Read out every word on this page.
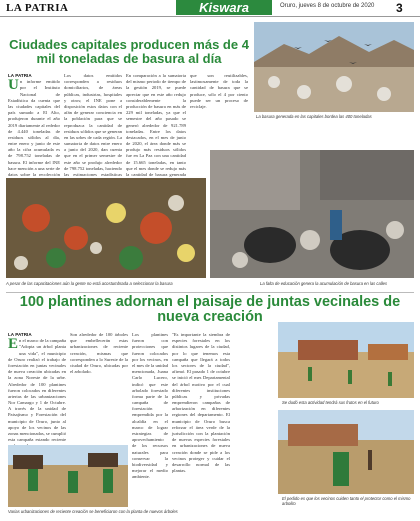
LA PATRIA	Kiswara	Oruro, jueves 8 de octubre de 2020 3
Ciudades capitales producen más de 4 mil toneladas de basura al día
LA PATRIA
U n informe emitido por el Instituto Nacional de Estadística da cuenta que las ciudades capitales del país sumado a El Alto, produjeron durante el año 2019 diariamente al rededor de 4.440 toneladas de residuos sólidos al día, entre enero y junio de este año la cifra acumulada es de 798.752 toneladas de basura. El informe del INE hace mención a una serie de datos sobre la recolección
Los datos emitidos corresponden a residuos domiciliarios, de áreas públicas, industrias, hospitales y otros; el INE pone a disposición estos datos con el afán de generar conciencia en la población para que se reproduzca la cantidad de residuos sólidos que se generan en las urbes de cada región. La sumatoria de datos entre enero a junio del 2020, dan cuenta que en el primer semestre de este año se produjo alrededor de 798.752 toneladas, haciendo las estimaciones estadísticas
En comparación a la sumatoria del mismo periodo de tiempo de la gestión 2019, se puede apreciar que en este año redujo considerablemente la producción de basura en más de 229 mil toneladas, ya que el semestre del año pasado se generó alrededor de 921.789 toneladas. Entre los datos destacados, en el mes de junio de 2020, el área donde más se produjo más residuos sólidos fue en La Paz con una cantidad de 15.665 toneladas, en tanto que el mes donde se redujo más la cantidad de basura generada
que son reutilizables, lastimosamente de toda la cantidad de basura que se produce, sólo el 4 por ciento puede ser un proceso de reciclaje.
La basura generada en las capitales bordea las 400 toneladas
A pesar de las capacitaciones aún la gente no está acostumbrada a seleccionar la basura	La falta de educación genera la acumulación de basura en las calles
100 plantines adornan el paisaje de juntas vecinales de nueva creación
LA PATRIA
E n el marco de la campaña "Adopta un árbol planta una vida", el municipio de Oruro realizó el trabajo de forestación en juntas vecinales de nueva creación ubicadas en la zona Noreste de la urbe. Alrededor de 100 plantines fueron colocados en diferentes arterias de las urbanizaciones Nor Camargo y 1 de Octubre. A través de la unidad de Paisajismo y Forestación del municipio de Oruro, junto al apoyo de los vecinos de las zonas mencionadas, se cumplió esta campaña estando reciente
Son alrededor de 100 árboles que embellecerán estas urbanizaciones de reciente creación, mismas que corresponden a lo Sureste de la ciudad de Oruro, ubicadas por el arbolado.
Los plantines fueron con protecciones que fueron colocados por los vecinos, en el mes de la unidad mencionada, Juana Carlo Lucero, indicó que este arbolado forestado forma parte de la campaña de forestación emprendida por la alcaldía en el marco de lograr estrategias de aprovechamiento de los recursos naturales para conservar la biodiversidad y mejorar el medio ambiente.
"Es importante la siembra de especies forestales en los distintos lugares de la ciudad, por lo que tenemos esta campaña que llegará a todos los sectores de la ciudad", afirmó. El pasado 1 de octubre se inició el mes Departamental del árbol motivo por el cual diferentes instituciones públicas y privadas emprendieron campañas de arborización en diferentes regiones del departamento. El municipio de Oruro busca reforzar el área verde de la jurisdicción con la plantación de nuevas especies forestales en urbanizaciones de nueva creación donde se pide a los vecinos proteger y cuidar el desarrollo normal de las plantas.
Se dudó esta actividad tendrá sus frutos en el futuro
Varias urbanizaciones de reciente creación se beneficiaron con la planta de nuevos árboles
El pedido es que los vecinos cuiden tanto el protector como el mismo arbolito
